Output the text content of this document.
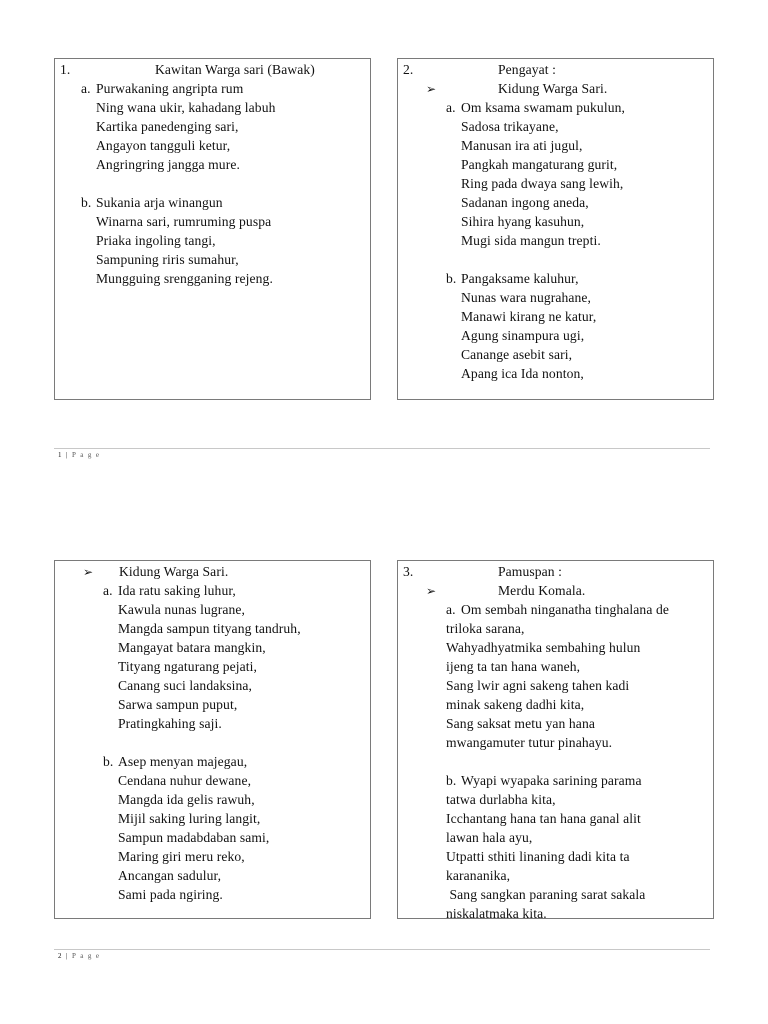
1.	Kawitan Warga sari (Bawak)
a. Purwakaning angripta rum
Ning wana ukir, kahadang labuh
Kartika panedenging sari,
Angayon tangguli ketur,
Angringring jangga mure.
b. Sukania arja winangun
Winarna sari, rumruming puspa
Priaka ingoling tangi,
Sampuning riris sumahur,
Mungguing srengganing rejeng.
2.	Pengayat :
➢	Kidung Warga Sari.
a. Om ksama swamam pukulun,
Sadosa trikayane,
Manusan ira ati jugul,
Pangkah mangaturang gurit,
Ring pada dwaya sang lewih,
Sadanan ingong aneda,
Sihira hyang kasuhun,
Mugi sida mangun trepti.
b. Pangaksame kaluhur,
Nunas wara nugrahane,
Manawi kirang ne katur,
Agung sinampura ugi,
Canange asebit sari,
Apang ica Ida nonton,
1 | P a g e
➢ Kidung Warga Sari.
a. Ida ratu saking luhur,
Kawula nunas lugrane,
Mangda sampun tityang tandruh,
Mangayat batara mangkin,
Tityang ngaturang pejati,
Canang suci landaksina,
Sarwa sampun puput,
Pratingkahing saji.
b. Asep menyan majegau,
Cendana nuhur dewane,
Mangda ida gelis rawuh,
Mijil saking luring langit,
Sampun madabdaban sami,
Maring giri meru reko,
Ancangan sadulur,
Sami pada ngiring.
3.	Pamuspan :
➢	Merdu Komala.
a. Om sembah ninganatha tinghalana de
triloka sarana,
Wahyadhyatmika sembahing hulun
ijeng ta tan hana waneh,
Sang lwir agni sakeng tahen kadi
minak sakeng dadhi kita,
Sang saksat metu yan hana
mwangamuter tutur pinahayu.
b. Wyapi wyapaka sarining parama
tatwa durlabha kita,
Icchantang hana tan hana ganal alit
lawan hala ayu,
Utpatti sthiti linaning dadi kita ta
karananika,
Sang sangkan paraning sarat sakala
niskalatmaka kita.
2 | P a g e
